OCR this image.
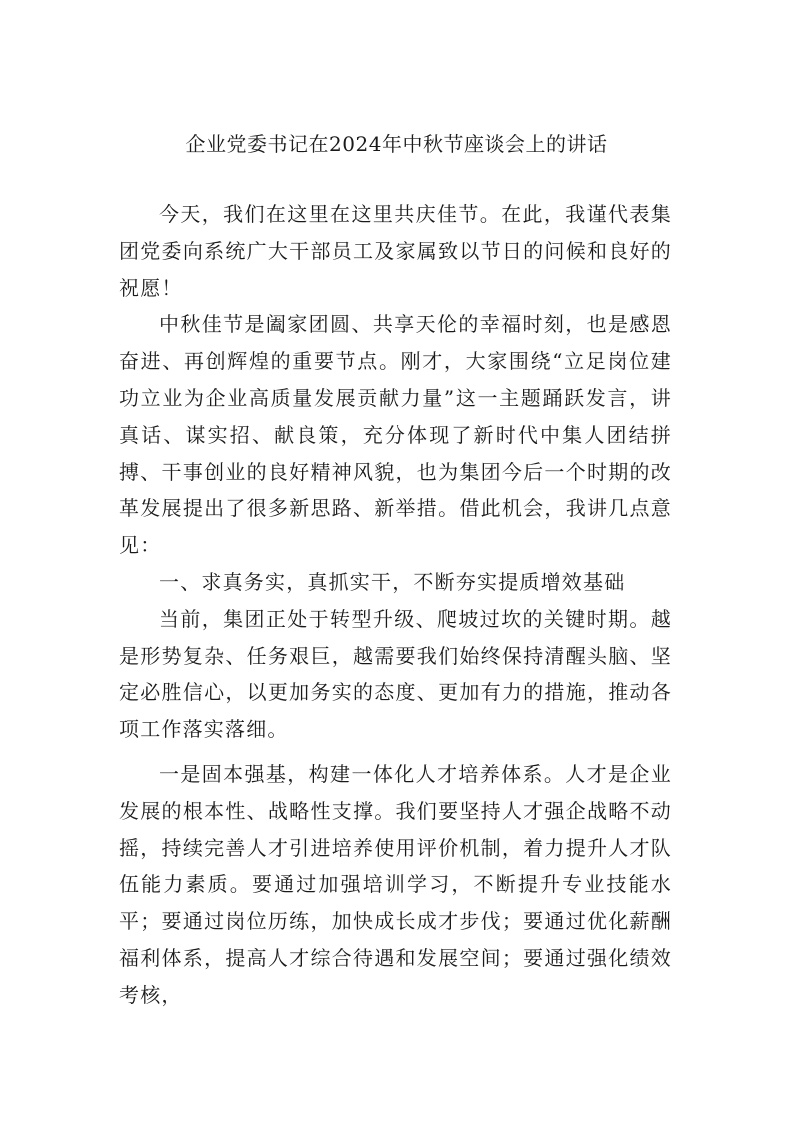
企业党委书记在2024年中秋节座谈会上的讲话

今天，我们在这里在这里共庆佳节。在此，我谨代表集团党委向系统广大干部员工及家属致以节日的问候和良好的祝愿！

中秋佳节是阖家团圆、共享天伦的幸福时刻，也是感恩奋进、再创辉煌的重要节点。刚才，大家围绕“立足岗位建功立业为企业高质量发展贡献力量”这一主题踊跃发言，讲真话、谋实招、献良策，充分体现了新时代中集人团结拼搏、干事创业的良好精神风貌，也为集团今后一个时期的改革发展提出了很多新思路、新举措。借此机会，我讲几点意见：

一、求真务实，真抓实干，不断夯实提质增效基础

当前，集团正处于转型升级、爬坡过坎的关键时期。越是形势复杂、任务艰巨，越需要我们始终保持清醒头脑、坚定必胜信心，以更加务实的态度、更加有力的措施，推动各项工作落实落细。

一是固本强基，构建一体化人才培养体系。人才是企业发展的根本性、战略性支撑。我们要坚持人才强企战略不动摇，持续完善人才引进培养使用评价机制，着力提升人才队伍能力素质。要通过加强培训学习，不断提升专业技能水平；要通过岗位历练，加快成长成才步伐；要通过优化薪酬福利体系，提高人才综合待遇和发展空间；要通过强化绩效考核，
